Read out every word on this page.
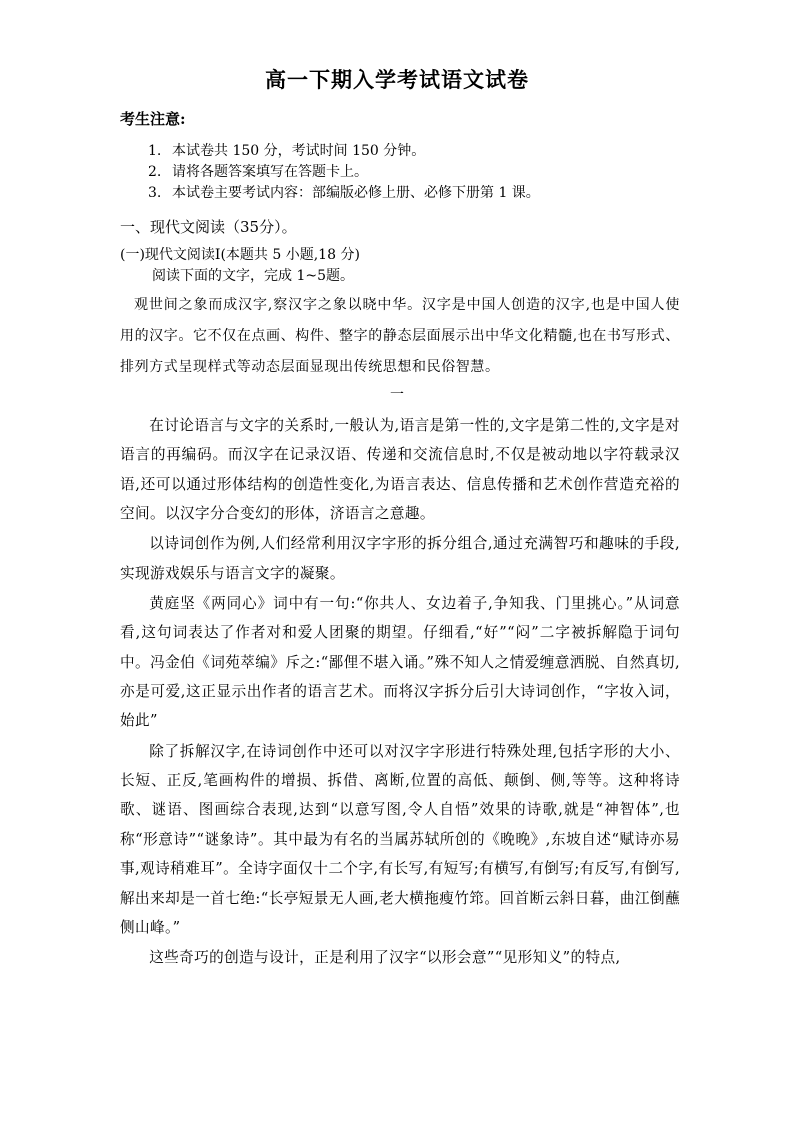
高一下期入学考试语文试卷
考生注意:
1. 本试卷共 150 分，考试时间 150 分钟。
2. 请将各题答案填写在答题卡上。
3. 本试卷主要考试内容：部编版必修上册、必修下册第 1 课。
一、现代文阅读（35分）。
(一)现代文阅读Ⅰ(本题共 5 小题,18 分)
阅读下面的文字，完成 1~5题。
观世间之象而成汉字,察汉字之象以晓中华。汉字是中国人创造的汉字,也是中国人使用的汉字。它不仅在点画、构件、整字的静态层面展示出中华文化精髓,也在书写形式、排列方式呈现样式等动态层面显现出传统思想和民俗智慧。
一

在讨论语言与文字的关系时,一般认为,语言是第一性的,文字是第二性的,文字是对语言的再编码。而汉字在记录汉语、传递和交流信息时,不仅是被动地以字符载录汉语,还可以通过形体结构的创造性变化,为语言表达、信息传播和艺术创作营造充裕的空间。以汉字分合变幻的形体，济语言之意趣。

以诗词创作为例,人们经常利用汉字字形的拆分组合,通过充满智巧和趣味的手段,实现游戏娱乐与语言文字的凝聚。

黄庭坚《两同心》词中有一句:“你共人、女边着子,争知我、门里挑心。”从词意看,这句词表达了作者对和爱人团聚的期望。仔细看,“好”“闷”二字被拆解隐于词句中。冯金伯《词苑萃编》斥之:“鄙俚不堪入诵。”殊不知人之情爱缠意洒脱、自然真切,亦是可爱,这正显示出作者的语言艺术。而将汉字拆分后引大诗词创作，“字妆入词，始此”

除了拆解汉字,在诗词创作中还可以对汉字字形进行特殊处理,包括字形的大小、长短、正反,笔画构件的增损、拆借、离断,位置的高低、颠倒、侧,等等。这种将诗歌、谜语、图画综合表现,达到“以意写图,令人自悟”效果的诗歌,就是“神智体”,也称“形意诗”“谜象诗”。其中最为有名的当属苏轼所创的《晚晚》,东坡自述“赋诗亦易事,观诗稍难耳”。全诗字面仅十二个字,有长写,有短写;有横写,有倒写;有反写,有倒写,解出来却是一首七绝:“长亭短景无人画,老大横拖瘦竹筇。回首断云斜日暮，曲江倒蘸侧山峰。”

这些奇巧的创造与设计，正是利用了汉字“以形会意”“见形知义”的特点,
